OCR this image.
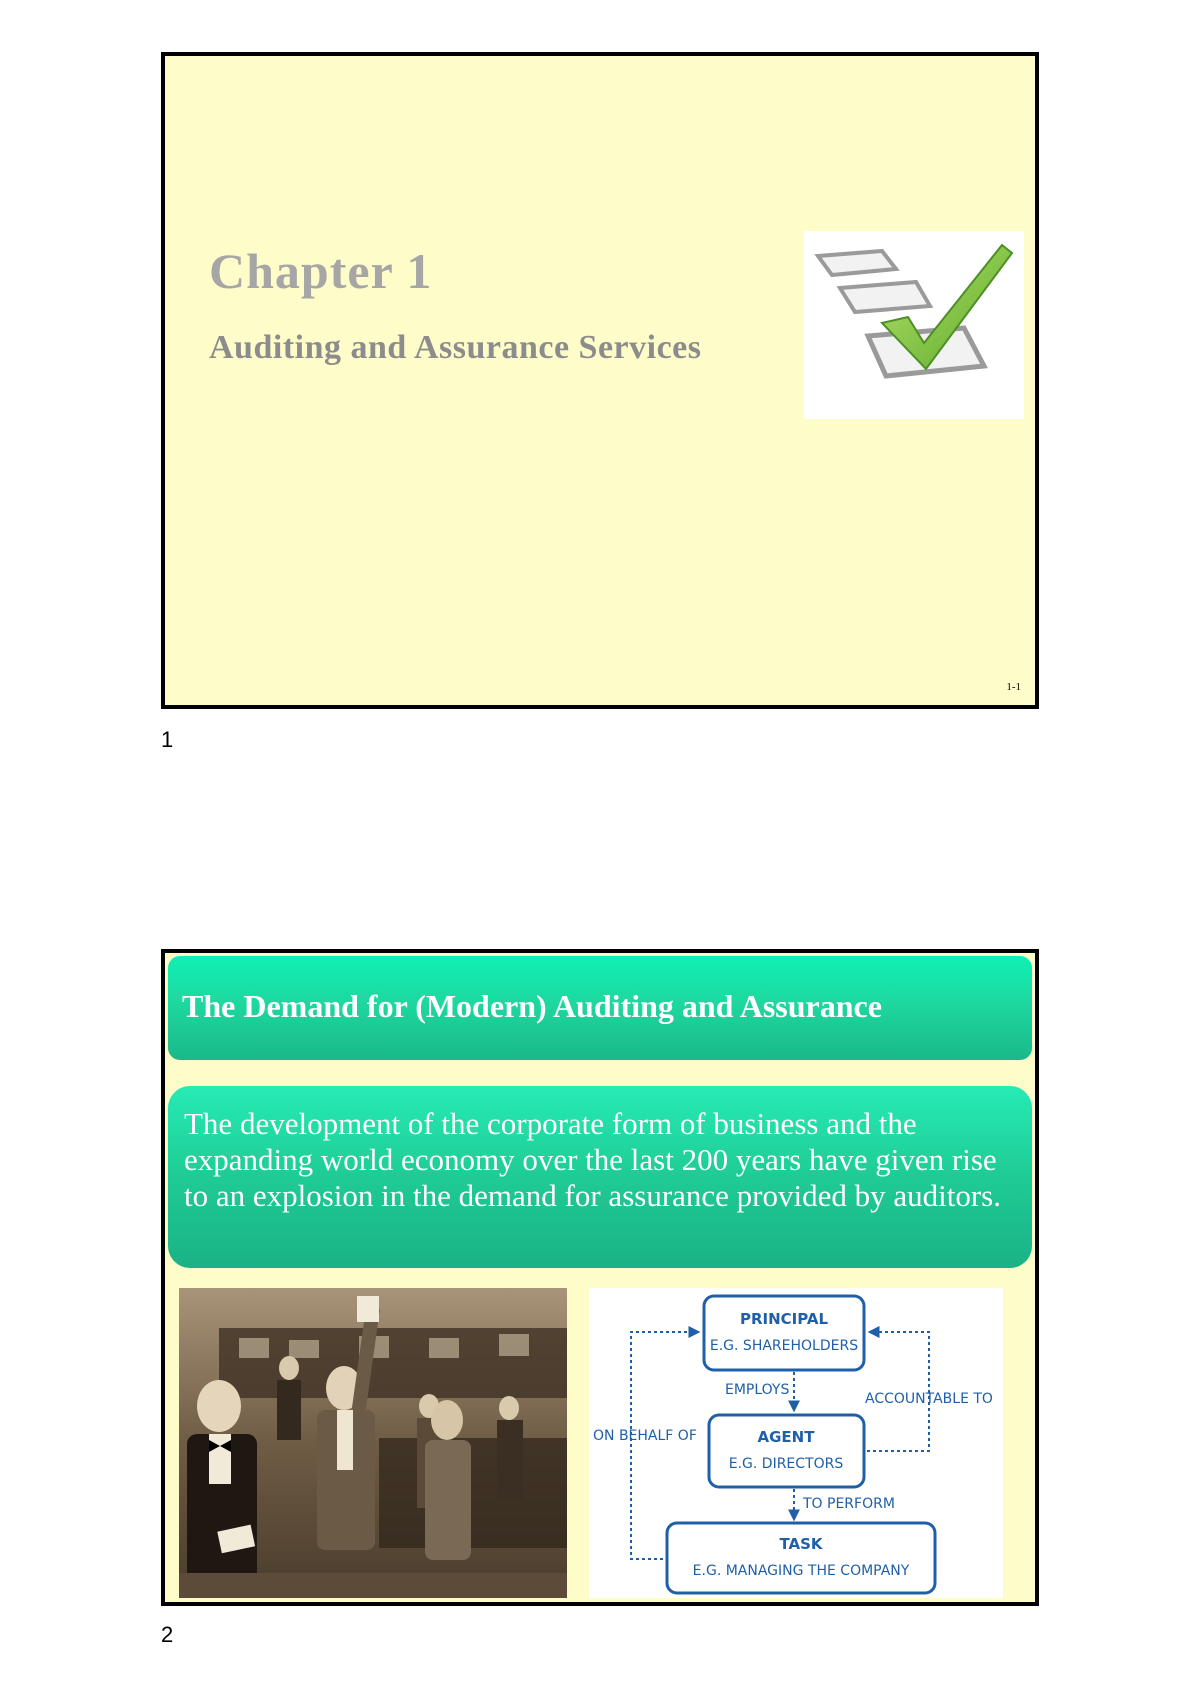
Chapter 1
Auditing and Assurance Services
1-1
1
The Demand for (Modern) Auditing and Assurance
The development of the corporate form of business and the expanding world economy over the last 200 years have given rise to an explosion in the demand for assurance provided by auditors.
PRINCIPAL
E.G. SHAREHOLDERS
AGENT
E.G. DIRECTORS
TASK
E.G. MANAGING THE COMPANY
EMPLOYS
TO PERFORM
ACCOUNTABLE TO
ON BEHALF OF
2
